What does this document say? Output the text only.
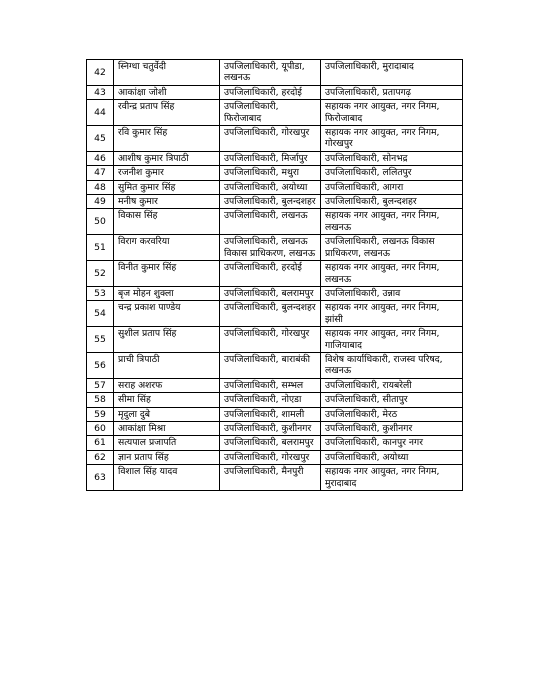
42	स्निग्धा चतुर्वेदी	उपजिलाधिकारी, यूपीडा, लखनऊ	उपजिलाधिकारी, मुरादाबाद
43	आकांक्षा जोशी	उपजिलाधिकारी, हरदोई	उपजिलाधिकारी, प्रतापगढ़
44	रवीन्द्र प्रताप सिंह	उपजिलाधिकारी, फिरोजाबाद	सहायक नगर आयुक्त, नगर निगम, फिरोजाबाद
45	रवि कुमार सिंह	उपजिलाधिकारी, गोरखपुर	सहायक नगर आयुक्त, नगर निगम, गोरखपुर
46	आशीष कुमार त्रिपाठी	उपजिलाधिकारी, मिर्जापुर	उपजिलाधिकारी, सोनभद्र
47	रजनीश कुमार	उपजिलाधिकारी, मथुरा	उपजिलाधिकारी, ललितपुर
48	सुमित कुमार सिंह	उपजिलाधिकारी, अयोध्या	उपजिलाधिकारी, आगरा
49	मनीष कुमार	उपजिलाधिकारी, बुलन्दशहर	उपजिलाधिकारी, बुलन्दशहर
50	विकास सिंह	उपजिलाधिकारी, लखनऊ	सहायक नगर आयुक्त, नगर निगम, लखनऊ
51	विराग करवरिया	उपजिलाधिकारी, लखनऊ विकास प्राधिकरण, लखनऊ	उपजिलाधिकारी, लखनऊ विकास प्राधिकरण, लखनऊ
52	विनीत कुमार सिंह	उपजिलाधिकारी, हरदोई	सहायक नगर आयुक्त, नगर निगम, लखनऊ
53	बृज मोहन शुक्ला	उपजिलाधिकारी, बलरामपुर	उपजिलाधिकारी, उन्नाव
54	चन्द्र प्रकाश पाण्डेय	उपजिलाधिकारी, बुलन्दशहर	सहायक नगर आयुक्त, नगर निगम, झांसी
55	सुशील प्रताप सिंह	उपजिलाधिकारी, गोरखपुर	सहायक नगर आयुक्त, नगर निगम, गाजियाबाद
56	प्राची त्रिपाठी	उपजिलाधिकारी, बाराबंकी	विशेष कार्याधिकारी, राजस्व परिषद, लखनऊ
57	सराह अशरफ	उपजिलाधिकारी, सम्भल	उपजिलाधिकारी, रायबरेली
58	सीमा सिंह	उपजिलाधिकारी, नोएडा	उपजिलाधिकारी, सीतापुर
59	मृदुला दुबे	उपजिलाधिकारी, शामली	उपजिलाधिकारी, मेरठ
60	आकांक्षा मिश्रा	उपजिलाधिकारी, कुशीनगर	उपजिलाधिकारी, कुशीनगर
61	सत्यपाल प्रजापति	उपजिलाधिकारी, बलरामपुर	उपजिलाधिकारी, कानपुर नगर
62	ज्ञान प्रताप सिंह	उपजिलाधिकारी, गोरखपुर	उपजिलाधिकारी, अयोध्या
63	विशाल सिंह यादव	उपजिलाधिकारी, मैनपुरी	सहायक नगर आयुक्त, नगर निगम, मुरादाबाद
